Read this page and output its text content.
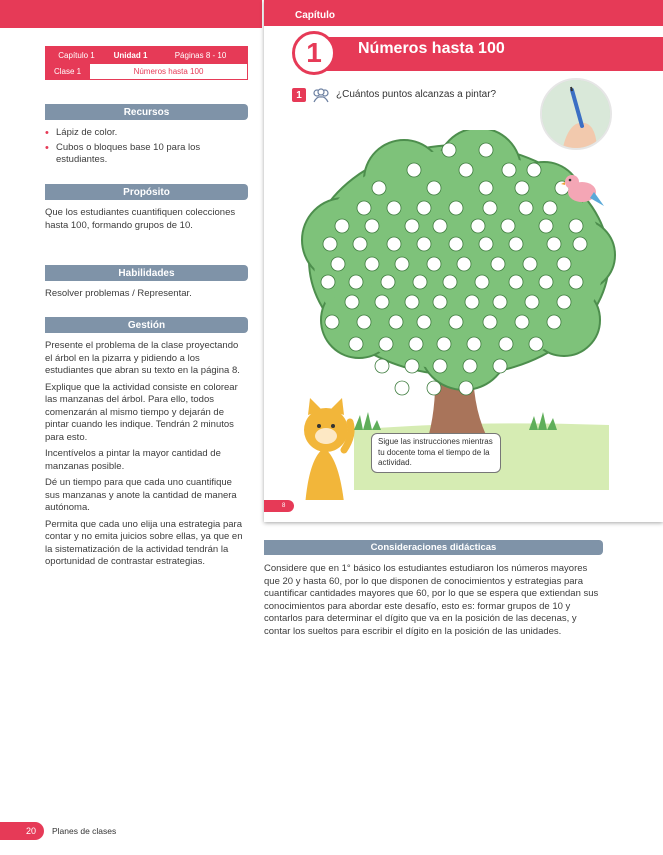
Capítulo 1	Unidad 1	Páginas 8 - 10
Clase 1	Números hasta 100
Recursos
• Lápiz de color.
• Cubos o bloques base 10 para los estudiantes.
Propósito
Que los estudiantes cuantifiquen colecciones hasta 100, formando grupos de 10.
Habilidades
Resolver problemas / Representar.
Gestión

Presente el problema de la clase proyectando el árbol en la pizarra y pidiendo a los estudiantes que abran su texto en la página 8.

Explique que la actividad consiste en colorear las manzanas del árbol. Para ello, todos comenzarán al mismo tiempo y dejarán de pintar cuando les indique. Tendrán 2 minutos para esto.

Incentívelos a pintar la mayor cantidad de manzanas posible.

Dé un tiempo para que cada uno cuantifique sus manzanas y anote la cantidad de manera autónoma.

Permita que cada uno elija una estrategia para contar y no emita juicios sobre ellas, ya que en la sistematización de la actividad tendrán la oportunidad de contrastar estrategias.

Capítulo
1	Números hasta 100
1	¿Cuántos puntos alcanzas a pintar?
Sigue las instrucciones mientras tu docente toma el tiempo de la actividad.
8
Consideraciones didácticas
Considere que en 1° básico los estudiantes estudiaron los números mayores que 20 y hasta 60, por lo que disponen de conocimientos y estrategias para cuantificar cantidades mayores que 60, por lo que se espera que extiendan sus conocimientos para abordar este desafío, esto es: formar grupos de 10 y contarlos para determinar el dígito que va en la posición de las decenas, y contar los sueltos para escribir el dígito en la posición de las unidades.
20	Planes de clases
